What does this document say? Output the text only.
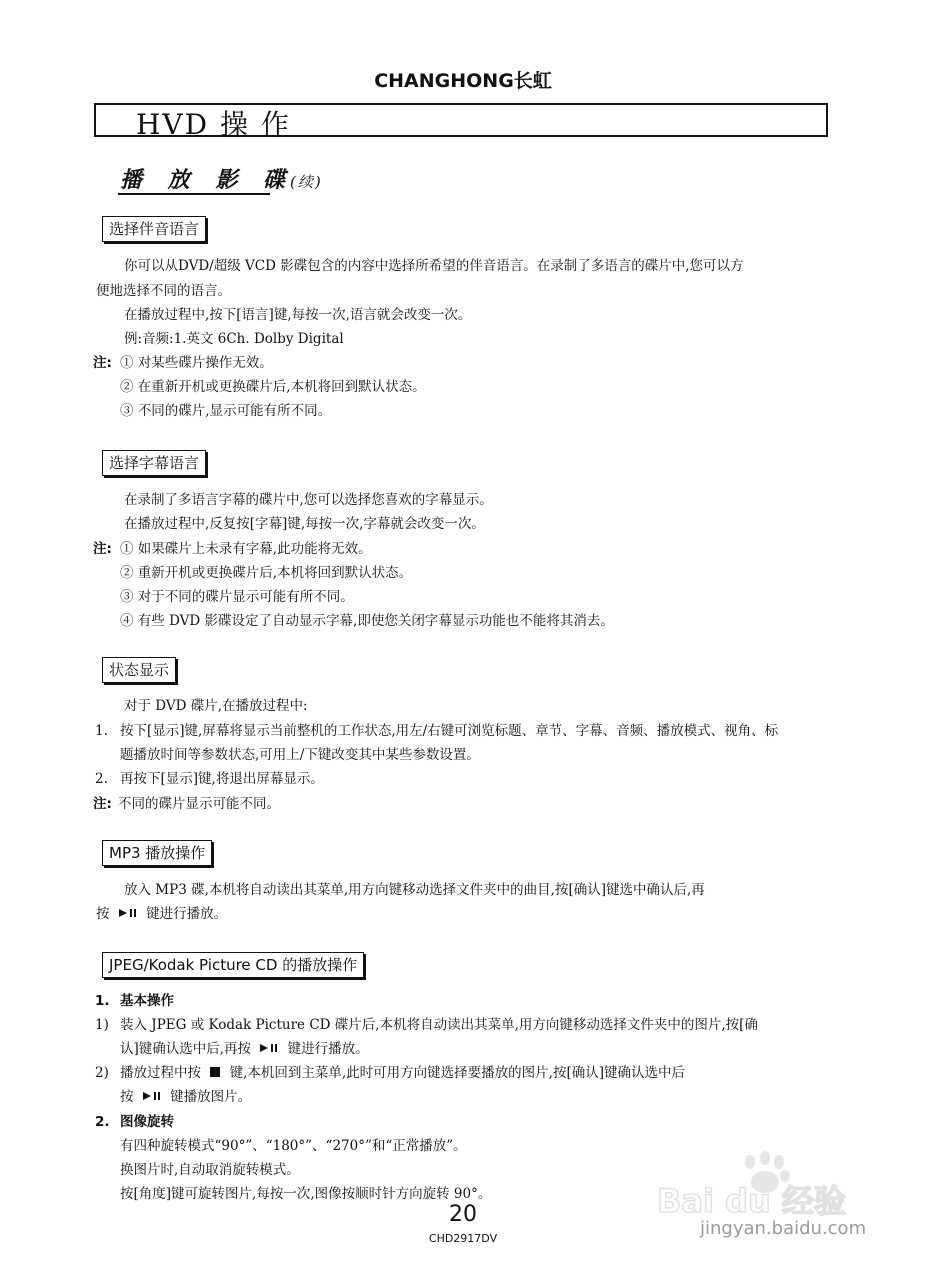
CHANGHONG长虹
HVD 操 作
播 放 影 碟(续)
选择伴音语言
你可以从DVD/超级 VCD 影碟包含的内容中选择所希望的伴音语言。在录制了多语言的碟片中,您可以方
便地选择不同的语言。
在播放过程中,按下[语言]键,每按一次,语言就会改变一次。
例:音频:1.英文 6Ch. Dolby Digital
注: ① 对某些碟片操作无效。
② 在重新开机或更换碟片后,本机将回到默认状态。
③ 不同的碟片,显示可能有所不同。
选择字幕语言
在录制了多语言字幕的碟片中,您可以选择您喜欢的字幕显示。
在播放过程中,反复按[字幕]键,每按一次,字幕就会改变一次。
注: ① 如果碟片上未录有字幕,此功能将无效。
② 重新开机或更换碟片后,本机将回到默认状态。
③ 对于不同的碟片显示可能有所不同。
④ 有些 DVD 影碟设定了自动显示字幕,即使您关闭字幕显示功能也不能将其消去。
状态显示
对于 DVD 碟片,在播放过程中:
1. 按下[显示]键,屏幕将显示当前整机的工作状态,用左/右键可浏览标题、章节、字幕、音频、播放模式、视角、标
题播放时间等参数状态,可用上/下键改变其中某些参数设置。
2. 再按下[显示]键,将退出屏幕显示。
注: 不同的碟片显示可能不同。
MP3 播放操作
放入 MP3 碟,本机将自动读出其菜单,用方向键移动选择文件夹中的曲目,按[确认]键选中确认后,再
按	键进行播放。
JPEG/Kodak Picture CD 的播放操作
1. 基本操作
1) 装入 JPEG 或 Kodak Picture CD 碟片后,本机将自动读出其菜单,用方向键移动选择文件夹中的图片,按[确
认]键确认选中后,再按	键进行播放。
2) 播放过程中按 键,本机回到主菜单,此时可用方向键选择要播放的图片,按[确认]键确认选中后
按	键播放图片。
2. 图像旋转
有四种旋转模式“90°”、“180°”、“270°”和“正常播放”。
换图片时,自动取消旋转模式。
按[角度]键可旋转图片,每按一次,图像按顺时针方向旋转 90°。
20
CHD2917DV
Bai du 经验
jingyan.baidu.com
